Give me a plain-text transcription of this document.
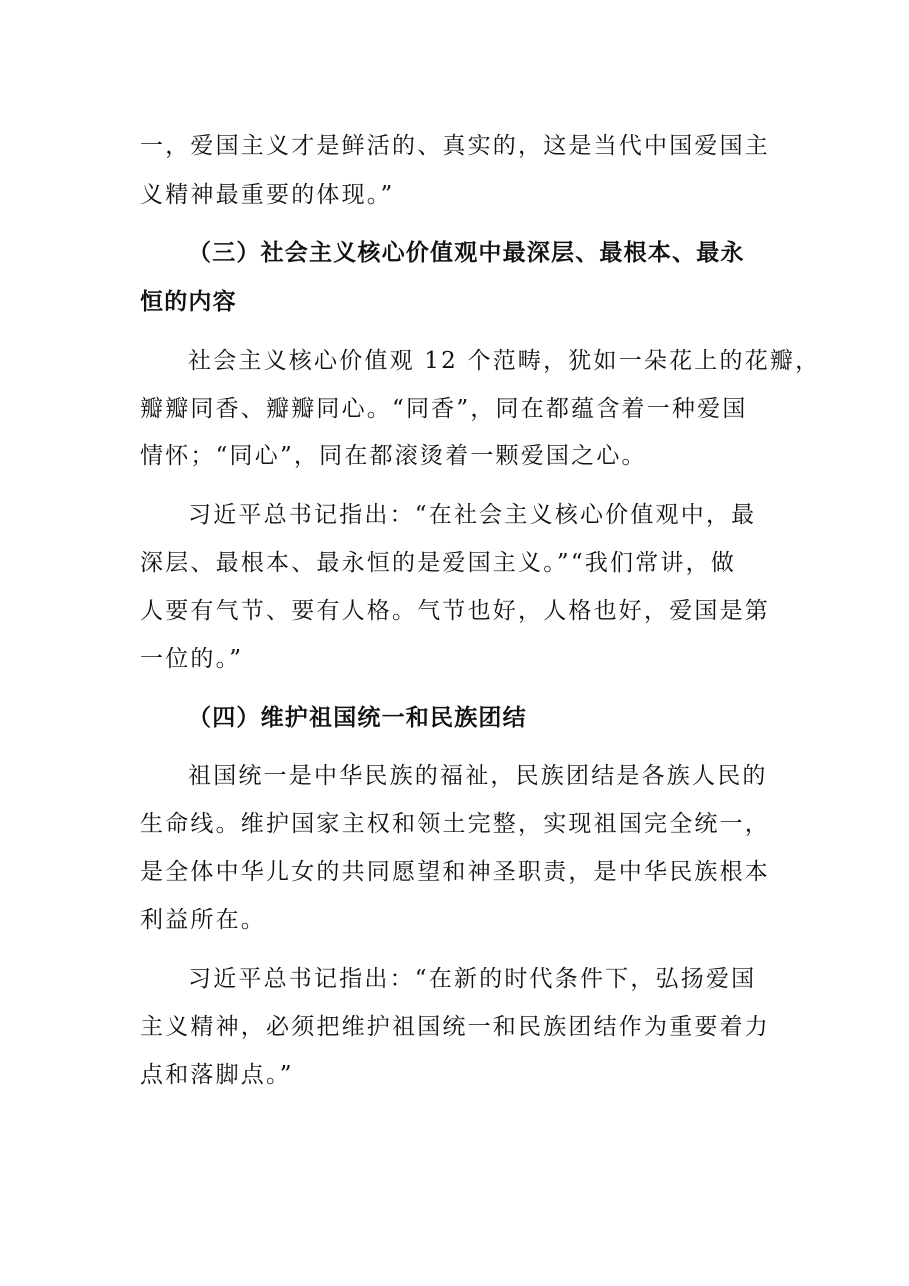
一，爱国主义才是鲜活的、真实的，这是当代中国爱国主
义精神最重要的体现。”
（三）社会主义核心价值观中最深层、最根本、最永
恒的内容
社会主义核心价值观 12 个范畴，犹如一朵花上的花瓣，
瓣瓣同香、瓣瓣同心。“同香”，同在都蕴含着一种爱国
情怀；“同心”，同在都滚烫着一颗爱国之心。
习近平总书记指出：“在社会主义核心价值观中，最
深层、最根本、最永恒的是爱国主义。”“我们常讲，做
人要有气节、要有人格。气节也好，人格也好，爱国是第
一位的。”
（四）维护祖国统一和民族团结
祖国统一是中华民族的福祉，民族团结是各族人民的
生命线。维护国家主权和领土完整，实现祖国完全统一，
是全体中华儿女的共同愿望和神圣职责，是中华民族根本
利益所在。
习近平总书记指出：“在新的时代条件下，弘扬爱国
主义精神，必须把维护祖国统一和民族团结作为重要着力
点和落脚点。”
